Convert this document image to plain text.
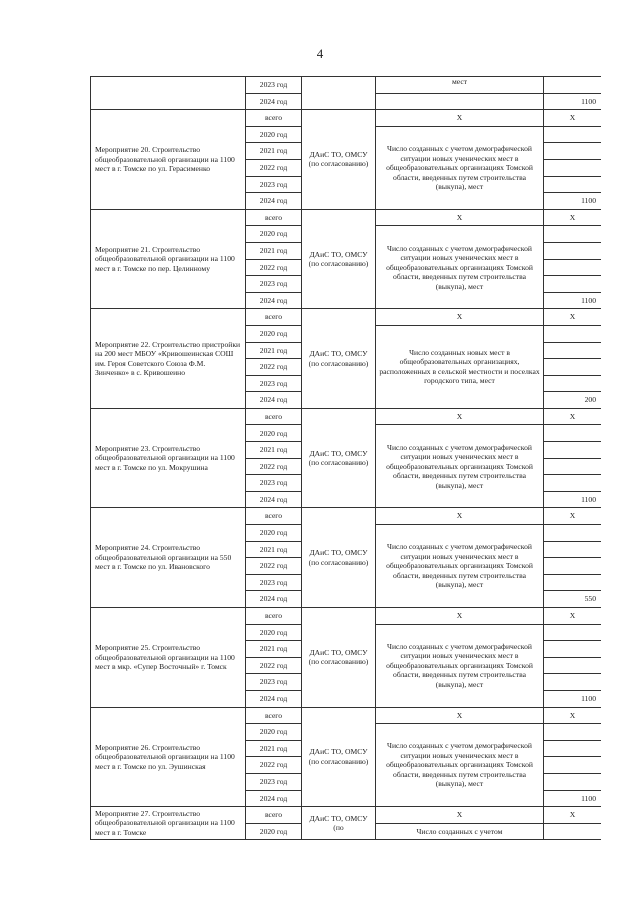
4
	2023 год		мест	
	2024 год			1100
Мероприятие 20. Строительство общеобразовательной организации на 1100 мест в г. Томске по ул. Герасименко	всего	ДАиС ТО, ОМСУ (по согласованию)	Х	Х
	2020 год		Число созданных с учетом демографической ситуации новых ученических мест в общеобразовательных организациях Томской области, введенных путем строительства (выкупа), мест	
	2021 год			
	2022 год			
	2023 год			
	2024 год			1100
Мероприятие 21. Строительство общеобразовательной организации на 1100 мест в г. Томске по пер. Целинному	всего	ДАиС ТО, ОМСУ (по согласованию)	Х	Х
	2020 год		Число созданных с учетом демографической ситуации новых ученических мест в общеобразовательных организациях Томской области, введенных путем строительства (выкупа), мест	
	2021 год			
	2022 год			
	2023 год			
	2024 год			1100
Мероприятие 22. Строительство пристройки на 200 мест МБОУ «Кривошеинская СОШ им. Героя Советского Союза Ф.М. Зинченко» в с. Кривошеино	всего	ДАиС ТО, ОМСУ (по согласованию)	Х	Х
	2020 год		Число созданных новых мест в общеобразовательных организациях, расположенных в сельской местности и поселках городского типа, мест	
	2021 год			
	2022 год			
	2023 год			
	2024 год			200
Мероприятие 23. Строительство общеобразовательной организации на 1100 мест в г. Томске по ул. Мокрушина	всего	ДАиС ТО, ОМСУ (по согласованию)	Х	Х
	2020 год		Число созданных с учетом демографической ситуации новых ученических мест в общеобразовательных организациях Томской области, введенных путем строительства (выкупа), мест	
	2021 год			
	2022 год			
	2023 год			
	2024 год			1100
Мероприятие 24. Строительство общеобразовательной организации на 550 мест в г. Томске по ул. Ивановского	всего	ДАиС ТО, ОМСУ (по согласованию)	Х	Х
	2020 год		Число созданных с учетом демографической ситуации новых ученических мест в общеобразовательных организациях Томской области, введенных путем строительства (выкупа), мест	
	2021 год			
	2022 год			
	2023 год			
	2024 год			550
Мероприятие 25. Строительство общеобразовательной организации на 1100 мест в мкр. «Супер Восточный» г. Томск	всего	ДАиС ТО, ОМСУ (по согласованию)	Х	Х
	2020 год		Число созданных с учетом демографической ситуации новых ученических мест в общеобразовательных организациях Томской области, введенных путем строительства (выкупа), мест	
	2021 год			
	2022 год			
	2023 год			
	2024 год			1100
Мероприятие 26. Строительство общеобразовательной организации на 1100 мест в г. Томске по ул. Эушинская	всего	ДАиС ТО, ОМСУ (по согласованию)	Х	Х
	2020 год		Число созданных с учетом демографической ситуации новых ученических мест в общеобразовательных организациях Томской области, введенных путем строительства (выкупа), мест	
	2021 год			
	2022 год			
	2023 год			
	2024 год			1100
Мероприятие 27. Строительство общеобразовательной организации на 1100 мест в г. Томске	всего	ДАиС ТО, ОМСУ (по	Х	Х
	2020 год		Число созданных с учетом	
